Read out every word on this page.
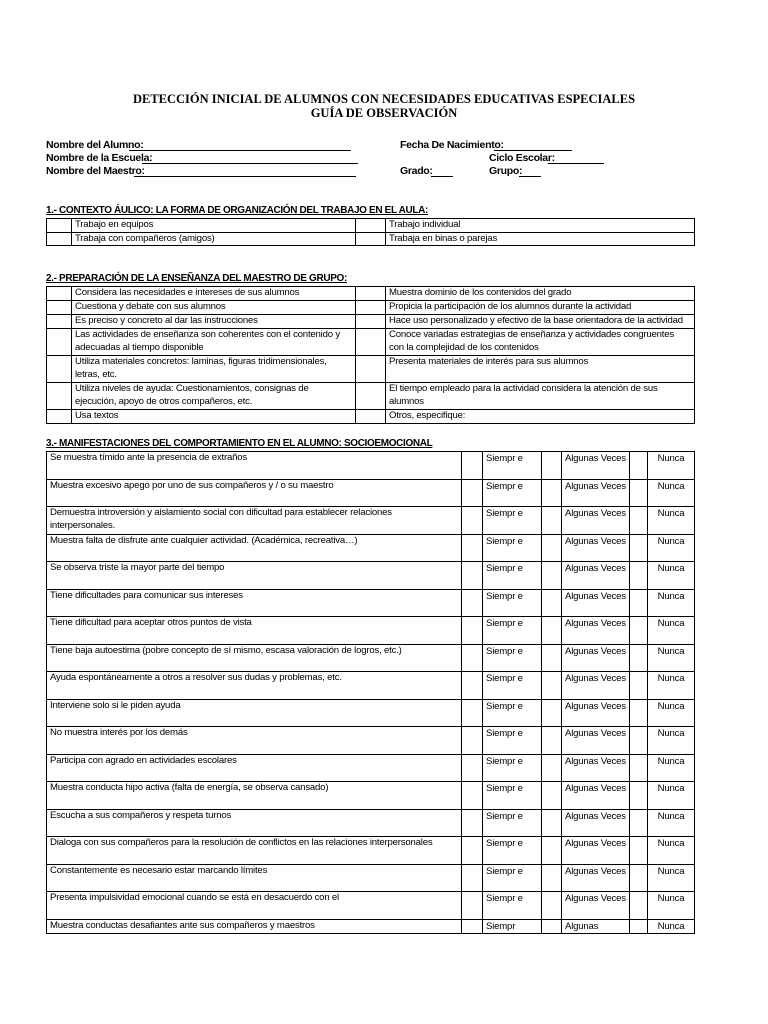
DETECCIÓN INICIAL DE ALUMNOS CON NECESIDADES EDUCATIVAS ESPECIALES
GUÍA DE OBSERVACIÓN
Nombre del Alumno:
Nombre de la Escuela:
Nombre del Maestro:
Fecha De Nacimiento:
Ciclo Escolar:
Grado:	Grupo:
1.- CONTEXTO ÁULICO: LA FORMA DE ORGANIZACIÓN DEL TRABAJO EN EL AULA:
	Trabajo en equipos		Trabajo individual
	Trabaja con compañeros (amigos)		Trabaja en binas o parejas
2.- PREPARACIÓN DE LA ENSEÑANZA DEL MAESTRO DE GRUPO:
	Considera las necesidades e intereses de sus alumnos		Muestra dominio de los contenidos del grado
	Cuestiona y debate con sus alumnos		Propicia la participación de los alumnos durante la actividad
	Es preciso y concreto al dar las instrucciones		Hace uso personalizado y efectivo de la base orientadora de la actividad
	Las actividades de enseñanza son coherentes con el contenido y adecuadas al tiempo disponible		Conoce variadas estrategias de enseñanza y actividades congruentes con la complejidad de los contenidos
	Utiliza materiales concretos: laminas, figuras tridimensionales, letras, etc.		Presenta materiales de interés para sus alumnos
	Utiliza niveles de ayuda: Cuestionamientos, consignas de ejecución, apoyo de otros compañeros, etc.		El tiempo empleado para la actividad considera la atención de sus alumnos
	Usa textos		Otros, especifique:
3.- MANIFESTACIONES DEL COMPORTAMIENTO EN EL ALUMNO: SOCIOEMOCIONAL
Se muestra tímido ante la presencia de extraños		Siempr e		Algunas Veces		Nunca
Muestra excesivo apego por uno de sus compañeros y / o su maestro		Siempr e		Algunas Veces		Nunca
Demuestra introversión y aislamiento social con dificultad para establecer relaciones interpersonales.		Siempr e		Algunas Veces		Nunca
Muestra falta de disfrute ante cualquier actividad. (Académica, recreativa…)		Siempr e		Algunas Veces		Nunca
Se observa triste la mayor parte del tiempo		Siempr e		Algunas Veces		Nunca
Tiene dificultades para comunicar sus intereses		Siempr e		Algunas Veces		Nunca
Tiene dificultad para aceptar otros puntos de vista		Siempr e		Algunas Veces		Nunca
Tiene baja autoestima (pobre concepto de sí mismo, escasa valoración de logros, etc.)		Siempr e		Algunas Veces		Nunca
Ayuda espontáneamente a otros a resolver sus dudas y problemas, etc.		Siempr e		Algunas Veces		Nunca
Interviene solo si le piden ayuda		Siempr e		Algunas Veces		Nunca
No muestra interés por los demás		Siempr e		Algunas Veces		Nunca
Participa con agrado en actividades escolares		Siempr e		Algunas Veces		Nunca
Muestra conducta hipo activa (falta de energía, se observa cansado)		Siempr e		Algunas Veces		Nunca
Escucha a sus compañeros y respeta turnos		Siempr e		Algunas Veces		Nunca
Dialoga con sus compañeros para la resolución de conflictos en las relaciones interpersonales		Siempr e		Algunas Veces		Nunca
Constantemente es necesario estar marcando límites		Siempr e		Algunas Veces		Nunca
Presenta impulsividad emocional cuando se está en desacuerdo con el		Siempr e		Algunas Veces		Nunca
Muestra conductas desafiantes ante sus compañeros y maestros		Siempr		Algunas		Nunca
